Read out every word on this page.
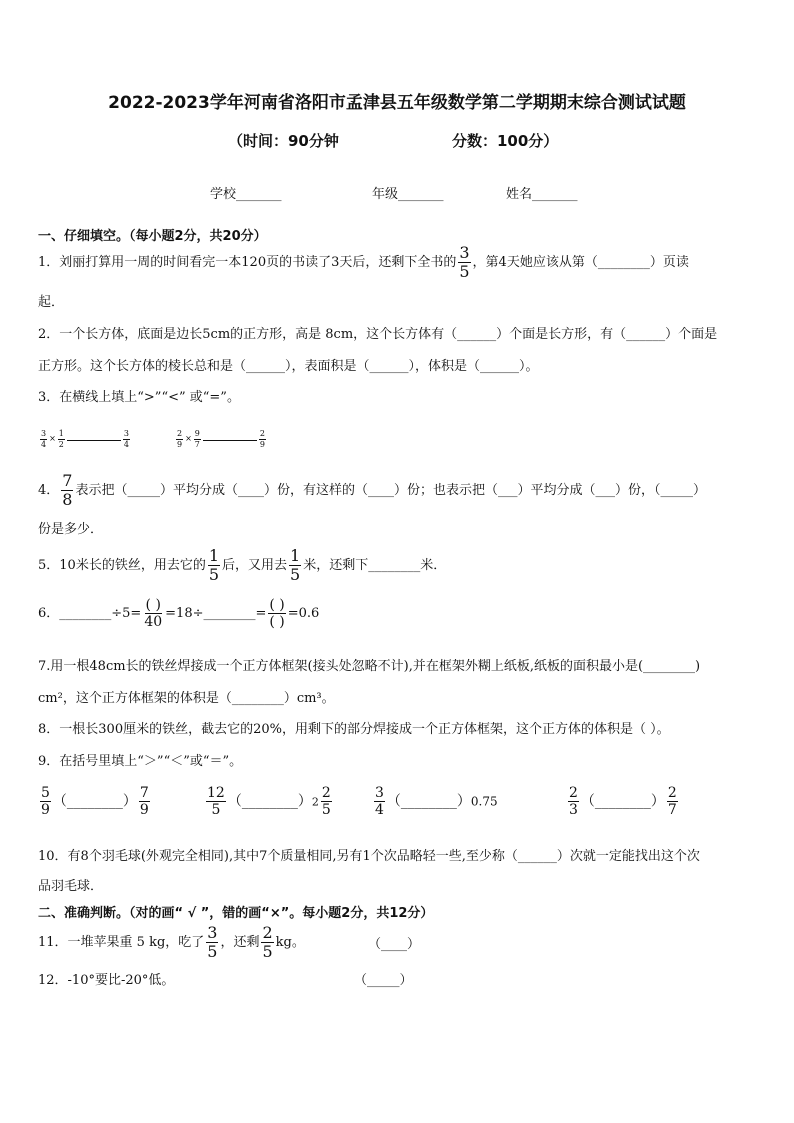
2022-2023学年河南省洛阳市孟津县五年级数学第二学期期末综合测试试题
（时间：90分钟	分数：100分）
学校_______	年级_______	姓名_______
一、仔细填空。（每小题2分，共20分）
1．刘丽打算用一周的时间看完一本120页的书读了3天后，还剩下全书的 $\frac{3}{5}$ ，第4天她应该从第（________）页读
起．
2．一个长方体，底面是边长5cm的正方形，高是 8cm，这个长方体有（______）个面是长方形，有（______）个面是
正方形。这个长方体的棱长总和是（______），表面积是（______），体积是（______）。
3．在横线上填上“>”“<” 或“=”。
$\frac{3}{4} \times \frac{1}{2}$	$\frac{3}{4}$	$\frac{2}{9} \times \frac{9}{7}$	$\frac{2}{9}$
4． $\frac{7}{8}$ 表示把（_____）平均分成（____）份，有这样的（____）份；也表示把（___）平均分成（___）份，（_____）
份是多少．
5．10米长的铁丝，用去它的 $\frac{1}{5}$ 后，又用去 $\frac{1}{5}$ 米，还剩下________米．
6．________÷5= $\frac{( )}{40}$ =18÷________= $\frac{( )}{( )} =0.6$
7.用一根48cm长的铁丝焊接成一个正方体框架(接头处忽略不计),并在框架外糊上纸板,纸板的面积最小是(________)
cm²，这个正方体框架的体积是（________）cm³。
8．一根长300厘米的铁丝，截去它的20%，用剩下的部分焊接成一个正方体框架，这个正方体的体积是（ ）。
9．在括号里填上“＞”“＜”或“＝”。
$\frac{5}{9}$ （________） $\frac{7}{9}$	$\frac{12}{5}$ （________）2 $\frac{2}{5}$	$\frac{3}{4}$ （________）0.75	$\frac{2}{3}$ （________） $\frac{2}{7}$
10．有8个羽毛球(外观完全相同),其中7个质量相同,另有1个次品略轻一些,至少称（______）次就一定能找出这个次
品羽毛球．
二、准确判断。（对的画“ √ ”，错的画“×”。每小题2分，共12分）
11．一堆苹果重 5 kg，吃了 $\frac{3}{5}$ ，还剩 $\frac{2}{5}$ kg。	（____）
12．-10°要比-20°低。	（_____）
